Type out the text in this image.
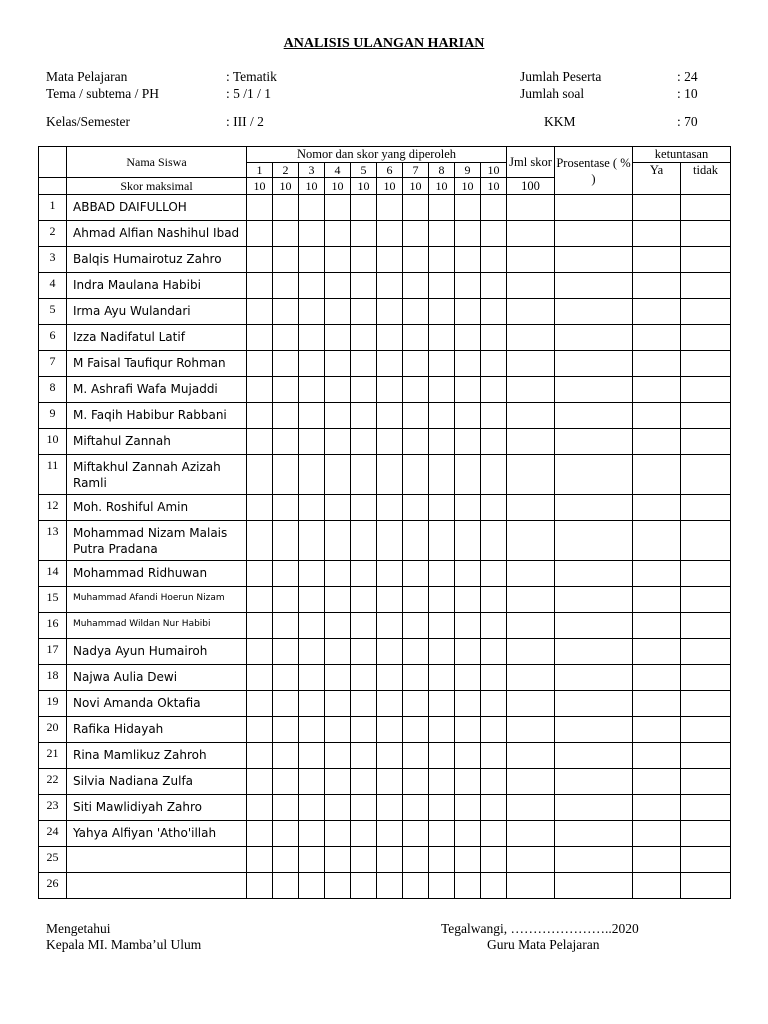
ANALISIS ULANGAN HARIAN
Mata Pelajaran	: Tematik
Tema / subtema / PH	: 5 /1 / 1
Kelas/Semester	: III / 2
Jumlah Peserta	: 24
Jumlah soal	: 10
KKM	: 70
	Nama Siswa	Nomor dan skor yang diperoleh										Jml skor	Prosentase ( % )	ketuntasan	
		1	2	3	4	5	6	7	8	9	10			Ya	tidak
	Skor maksimal	10	10	10	10	10	10	10	10	10	10	100			
1	ABBAD DAIFULLOH														
2	Ahmad Alfian Nashihul Ibad														
3	Balqis Humairotuz Zahro														
4	Indra Maulana Habibi														
5	Irma Ayu Wulandari														
6	Izza Nadifatul Latif														
7	M Faisal Taufiqur Rohman														
8	M. Ashrafi Wafa Mujaddi														
9	M. Faqih Habibur Rabbani														
10	Miftahul Zannah														
11	Miftakhul Zannah Azizah Ramli														
12	Moh. Roshiful Amin														
13	Mohammad Nizam Malais Putra Pradana														
14	Mohammad Ridhuwan														
15	Muhammad Afandi Hoerun Nizam														
16	Muhammad Wildan Nur Habibi														
17	Nadya Ayun Humairoh														
18	Najwa Aulia Dewi														
19	Novi Amanda Oktafia														
20	Rafika Hidayah														
21	Rina Mamlikuz Zahroh														
22	Silvia Nadiana Zulfa														
23	Siti Mawlidiyah Zahro														
24	Yahya Alfiyan 'Atho'illah														
25															
26															
Mengetahui
Kepala MI. Mamba’ul Ulum
Tegalwangi, …………………..2020
Guru Mata Pelajaran
